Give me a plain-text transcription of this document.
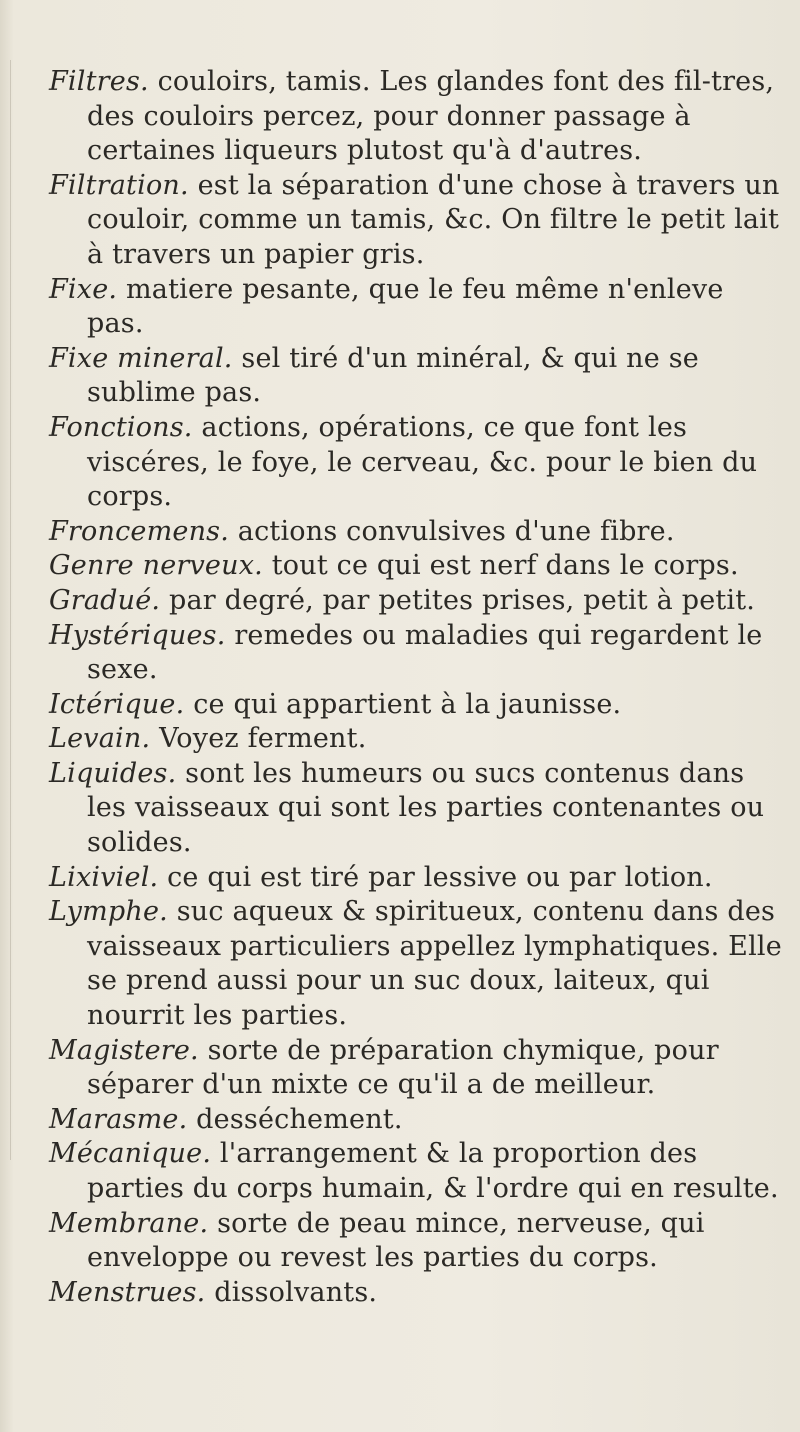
Filtres. couloirs, tamis. Les glandes font des fil-tres, des couloirs percez, pour donner passage à certaines liqueurs plutost qu'à d'autres.

Filtration. est la séparation d'une chose à travers un couloir, comme un tamis, &c. On filtre le petit lait à travers un papier gris.

Fixe. matiere pesante, que le feu même n'enleve pas.

Fixe mineral. sel tiré d'un minéral, & qui ne se sublime pas.

Fonctions. actions, opérations, ce que font les viscéres, le foye, le cerveau, &c. pour le bien du corps.

Froncemens. actions convulsives d'une fibre.

Genre nerveux. tout ce qui est nerf dans le corps.

Gradué. par degré, par petites prises, petit à petit.

Hystériques. remedes ou maladies qui regardent le sexe.

Ictérique. ce qui appartient à la jaunisse.

Levain. Voyez ferment.

Liquides. sont les humeurs ou sucs contenus dans les vaisseaux qui sont les parties contenantes ou solides.

Lixiviel. ce qui est tiré par lessive ou par lotion.

Lymphe. suc aqueux & spiritueux, contenu dans des vaisseaux particuliers appellez lymphatiques. Elle se prend aussi pour un suc doux, laiteux, qui nourrit les parties.

Magistere. sorte de préparation chymique, pour séparer d'un mixte ce qu'il a de meilleur.

Marasme. desséchement.

Mécanique. l'arrangement & la proportion des parties du corps humain, & l'ordre qui en resulte.

Membrane. sorte de peau mince, nerveuse, qui enveloppe ou revest les parties du corps.

Menstrues. dissolvants.
